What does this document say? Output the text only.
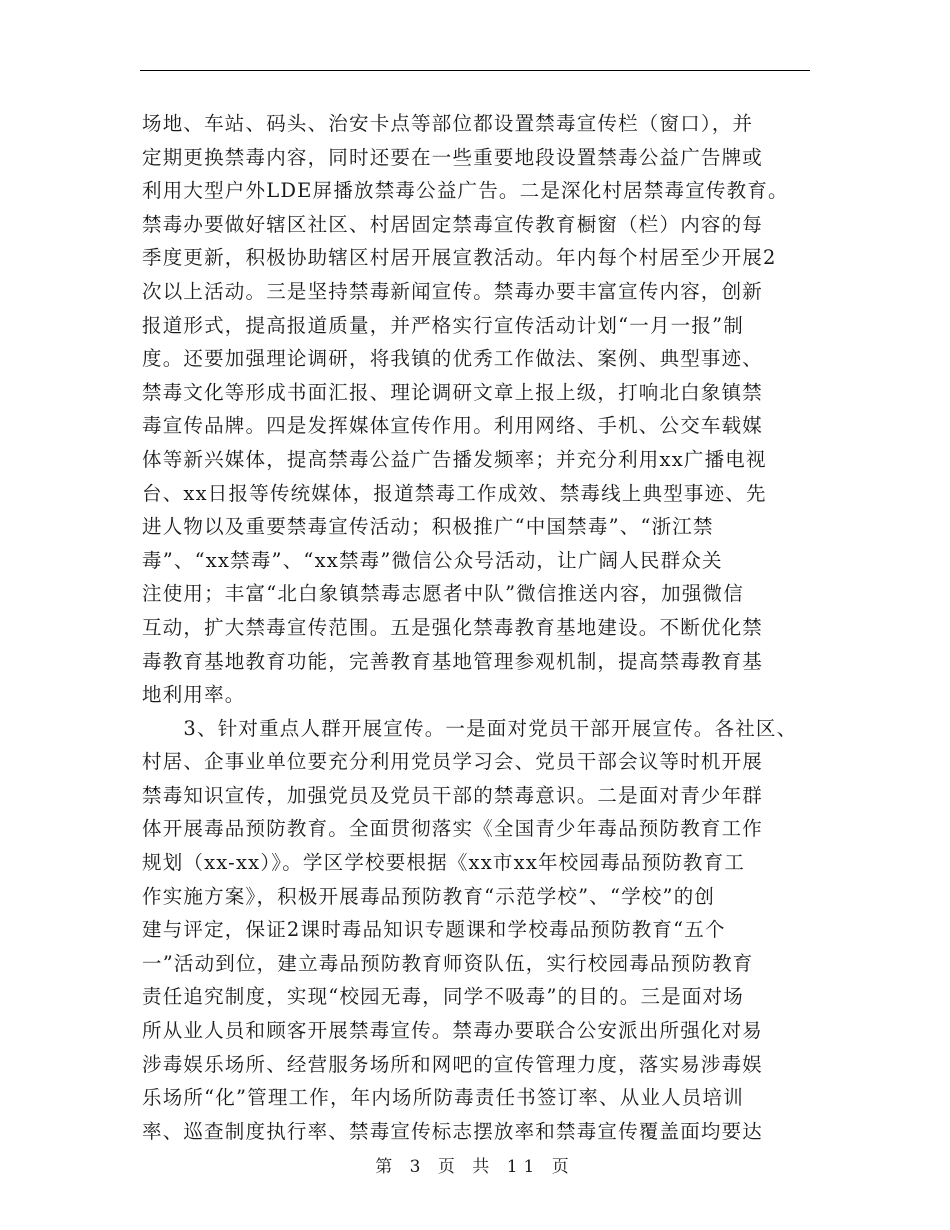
场地、车站、码头、治安卡点等部位都设置禁毒宣传栏（窗口），并
定期更换禁毒内容，同时还要在一些重要地段设置禁毒公益广告牌或
利用大型户外LDE屏播放禁毒公益广告。二是深化村居禁毒宣传教育。
禁毒办要做好辖区社区、村居固定禁毒宣传教育橱窗（栏）内容的每
季度更新，积极协助辖区村居开展宣教活动。年内每个村居至少开展2
次以上活动。三是坚持禁毒新闻宣传。禁毒办要丰富宣传内容，创新
报道形式，提高报道质量，并严格实行宣传活动计划“一月一报”制
度。还要加强理论调研，将我镇的优秀工作做法、案例、典型事迹、
禁毒文化等形成书面汇报、理论调研文章上报上级，打响北白象镇禁
毒宣传品牌。四是发挥媒体宣传作用。利用网络、手机、公交车载媒
体等新兴媒体，提高禁毒公益广告播发频率；并充分利用xx广播电视
台、xx日报等传统媒体，报道禁毒工作成效、禁毒线上典型事迹、先
进人物以及重要禁毒宣传活动；积极推广“中国禁毒”、“浙江禁
毒”、“xx禁毒”、“xx禁毒”微信公众号活动，让广阔人民群众关
注使用；丰富“北白象镇禁毒志愿者中队”微信推送内容，加强微信
互动，扩大禁毒宣传范围。五是强化禁毒教育基地建设。不断优化禁
毒教育基地教育功能，完善教育基地管理参观机制，提高禁毒教育基
地利用率。
　　3、针对重点人群开展宣传。一是面对党员干部开展宣传。各社区、
村居、企事业单位要充分利用党员学习会、党员干部会议等时机开展
禁毒知识宣传，加强党员及党员干部的禁毒意识。二是面对青少年群
体开展毒品预防教育。全面贯彻落实《全国青少年毒品预防教育工作
规划（xx-xx）》。学区学校要根据《xx市xx年校园毒品预防教育工
作实施方案》，积极开展毒品预防教育“示范学校”、“学校”的创
建与评定，保证2课时毒品知识专题课和学校毒品预防教育“五个
一”活动到位，建立毒品预防教育师资队伍，实行校园毒品预防教育
责任追究制度，实现“校园无毒，同学不吸毒”的目的。三是面对场
所从业人员和顾客开展禁毒宣传。禁毒办要联合公安派出所强化对易
涉毒娱乐场所、经营服务场所和网吧的宣传管理力度，落实易涉毒娱
乐场所“化”管理工作，年内场所防毒责任书签订率、从业人员培训
率、巡查制度执行率、禁毒宣传标志摆放率和禁毒宣传覆盖面均要达
第 3 页 共 11 页
